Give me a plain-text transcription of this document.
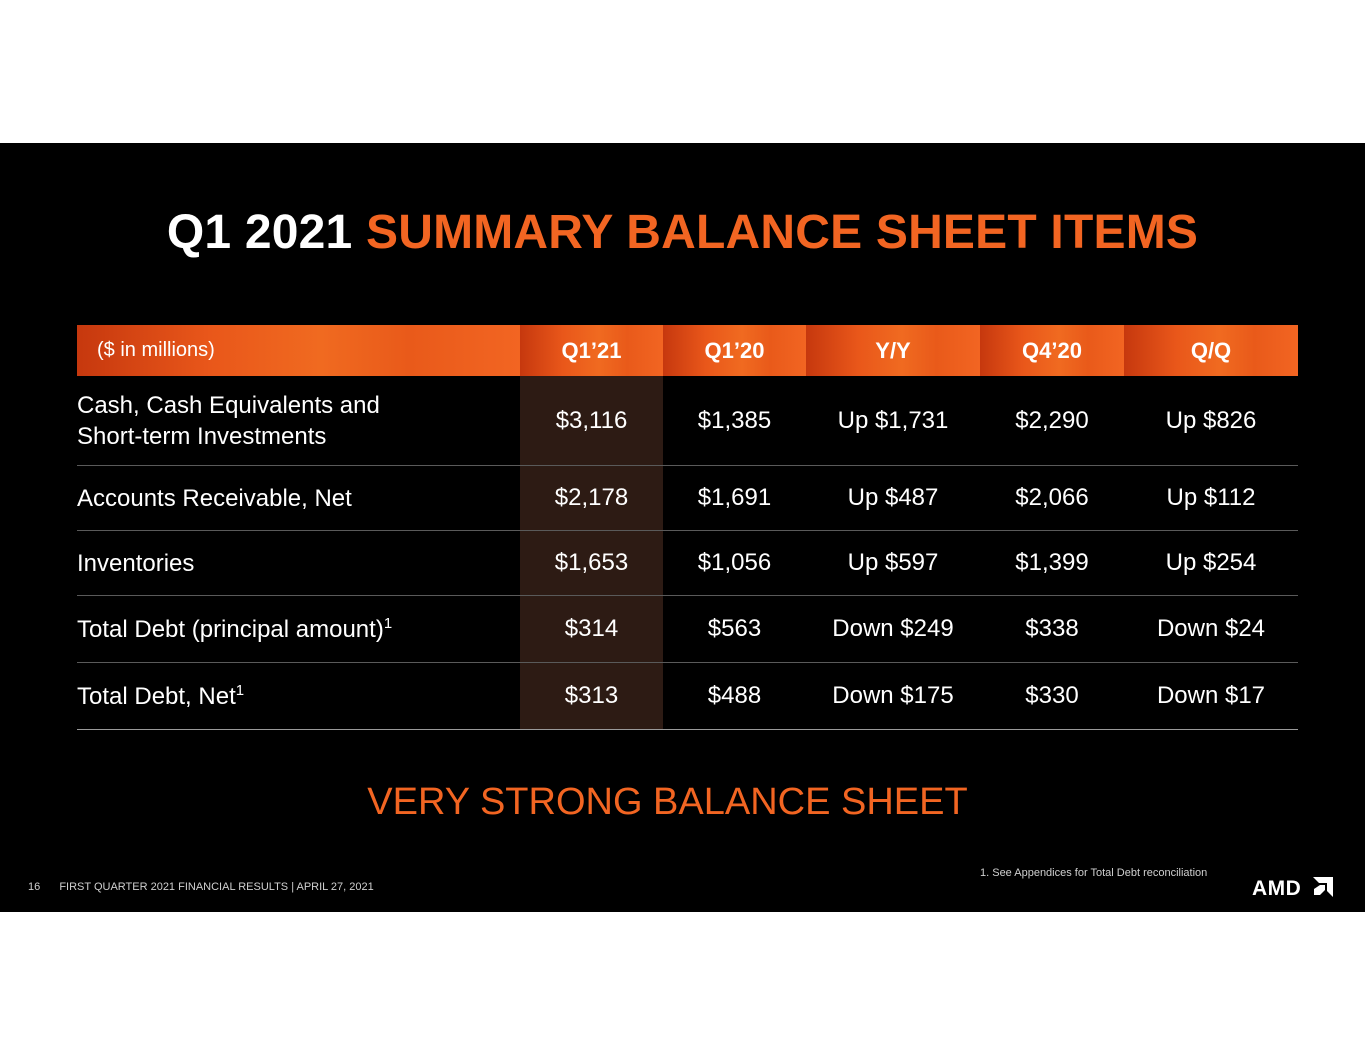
Q1 2021 SUMMARY BALANCE SHEET ITEMS
($ in millions)	Q1’21	Q1’20	Y/Y	Q4’20	Q/Q

Cash, Cash Equivalents and
Short-term Investments	$3,116	$1,385	Up $1,731	$2,290	Up $826
Accounts Receivable, Net	$2,178	$1,691	Up $487	$2,066	Up $112
Inventories	$1,653	$1,056	Up $597	$1,399	Up $254
Total Debt (principal amount)$^1$	$314	$563	Down $249	$338	Down $24
Total Debt, Net$^1$	$313	$488	Down $175	$330	Down $17
VERY STRONG BALANCE SHEET
1. See Appendices for Total Debt reconciliation
16 FIRST QUARTER 2021 FINANCIAL RESULTS | APRIL 27, 2021	AMD
